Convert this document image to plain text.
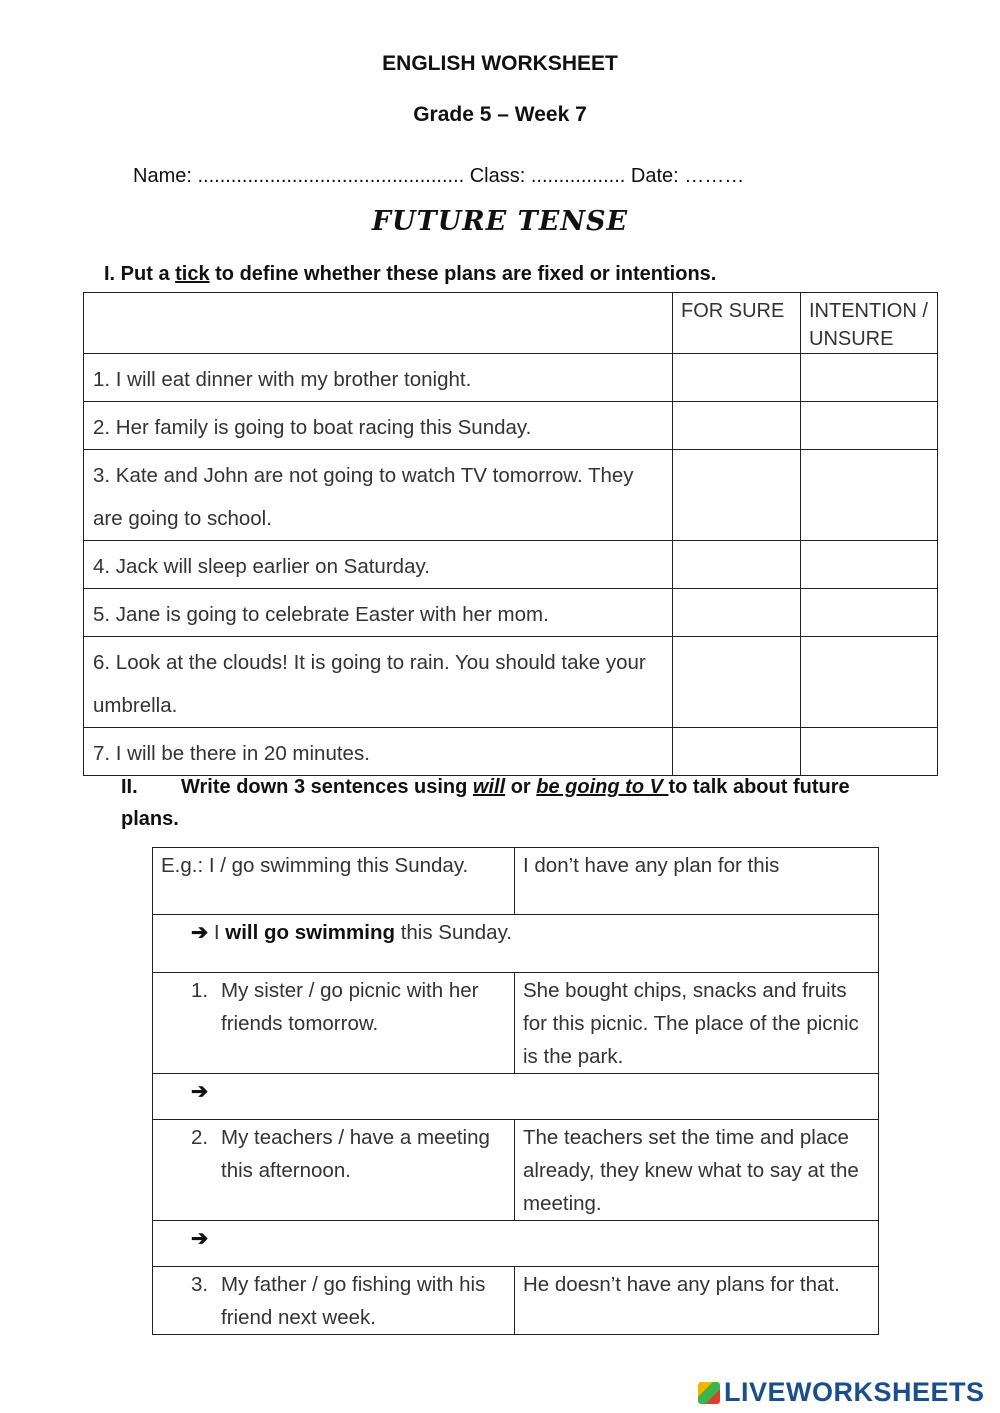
ENGLISH WORKSHEET
Grade 5 – Week 7
Name: ................................................ Class: ................. Date: ………
FUTURE TENSE
I. Put a tick to define whether these plans are fixed or intentions.
	FOR SURE	INTENTION / UNSURE
1. I will eat dinner with my brother tonight.		
2. Her family is going to boat racing this Sunday.		
3. Kate and John are not going to watch TV tomorrow. They are going to school.		
4. Jack will sleep earlier on Saturday.		
5. Jane is going to celebrate Easter with her mom.		
6. Look at the clouds! It is going to rain. You should take your umbrella.		
7. I will be there in 20 minutes.		
II. Write down 3 sentences using will or be going to V to talk about future plans.
E.g.: I / go swimming this Sunday.	I don’t have any plan for this
➔ I will go swimming this Sunday.	

1. My sister / go picnic with her friends tomorrow.	She bought chips, snacks and fruits for this picnic. The place of the picnic is the park.
➔	

2. My teachers / have a meeting this afternoon.	The teachers set the time and place already, they knew what to say at the meeting.
➔	

3. My father / go fishing with his friend next week.	He doesn’t have any plans for that.
LIVEWORKSHEETS
